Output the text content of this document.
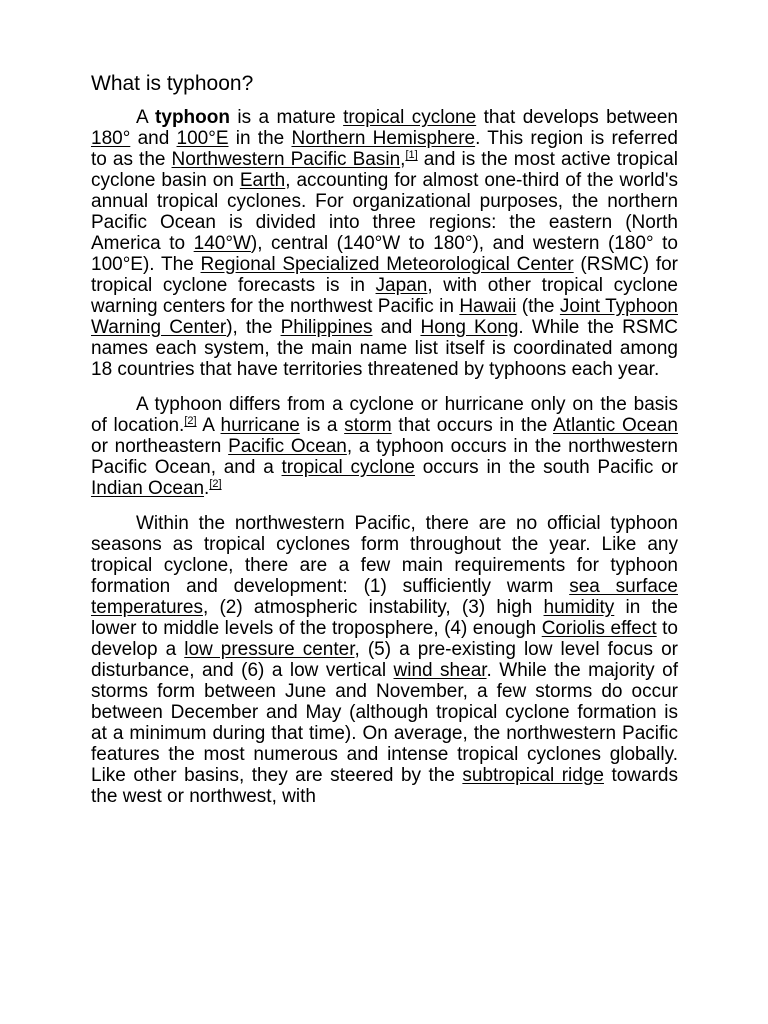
What is typhoon?

A typhoon is a mature tropical cyclone that develops between 180° and 100°E in the Northern Hemisphere. This region is referred to as the Northwestern Pacific Basin,[1] and is the most active tropical cyclone basin on Earth, accounting for almost one-third of the world's annual tropical cyclones. For organizational purposes, the northern Pacific Ocean is divided into three regions: the eastern (North America to 140°W), central (140°W to 180°), and western (180° to 100°E). The Regional Specialized Meteorological Center (RSMC) for tropical cyclone forecasts is in Japan, with other tropical cyclone warning centers for the northwest Pacific in Hawaii (the Joint Typhoon Warning Center), the Philippines and Hong Kong. While the RSMC names each system, the main name list itself is coordinated among 18 countries that have territories threatened by typhoons each year.

A typhoon differs from a cyclone or hurricane only on the basis of location.[2] A hurricane is a storm that occurs in the Atlantic Ocean or northeastern Pacific Ocean, a typhoon occurs in the northwestern Pacific Ocean, and a tropical cyclone occurs in the south Pacific or Indian Ocean.[2]

Within the northwestern Pacific, there are no official typhoon seasons as tropical cyclones form throughout the year. Like any tropical cyclone, there are a few main requirements for typhoon formation and development: (1) sufficiently warm sea surface temperatures, (2) atmospheric instability, (3) high humidity in the lower to middle levels of the troposphere, (4) enough Coriolis effect to develop a low pressure center, (5) a pre-existing low level focus or disturbance, and (6) a low vertical wind shear. While the majority of storms form between June and November, a few storms do occur between December and May (although tropical cyclone formation is at a minimum during that time). On average, the northwestern Pacific features the most numerous and intense tropical cyclones globally. Like other basins, they are steered by the subtropical ridge towards the west or northwest, with
